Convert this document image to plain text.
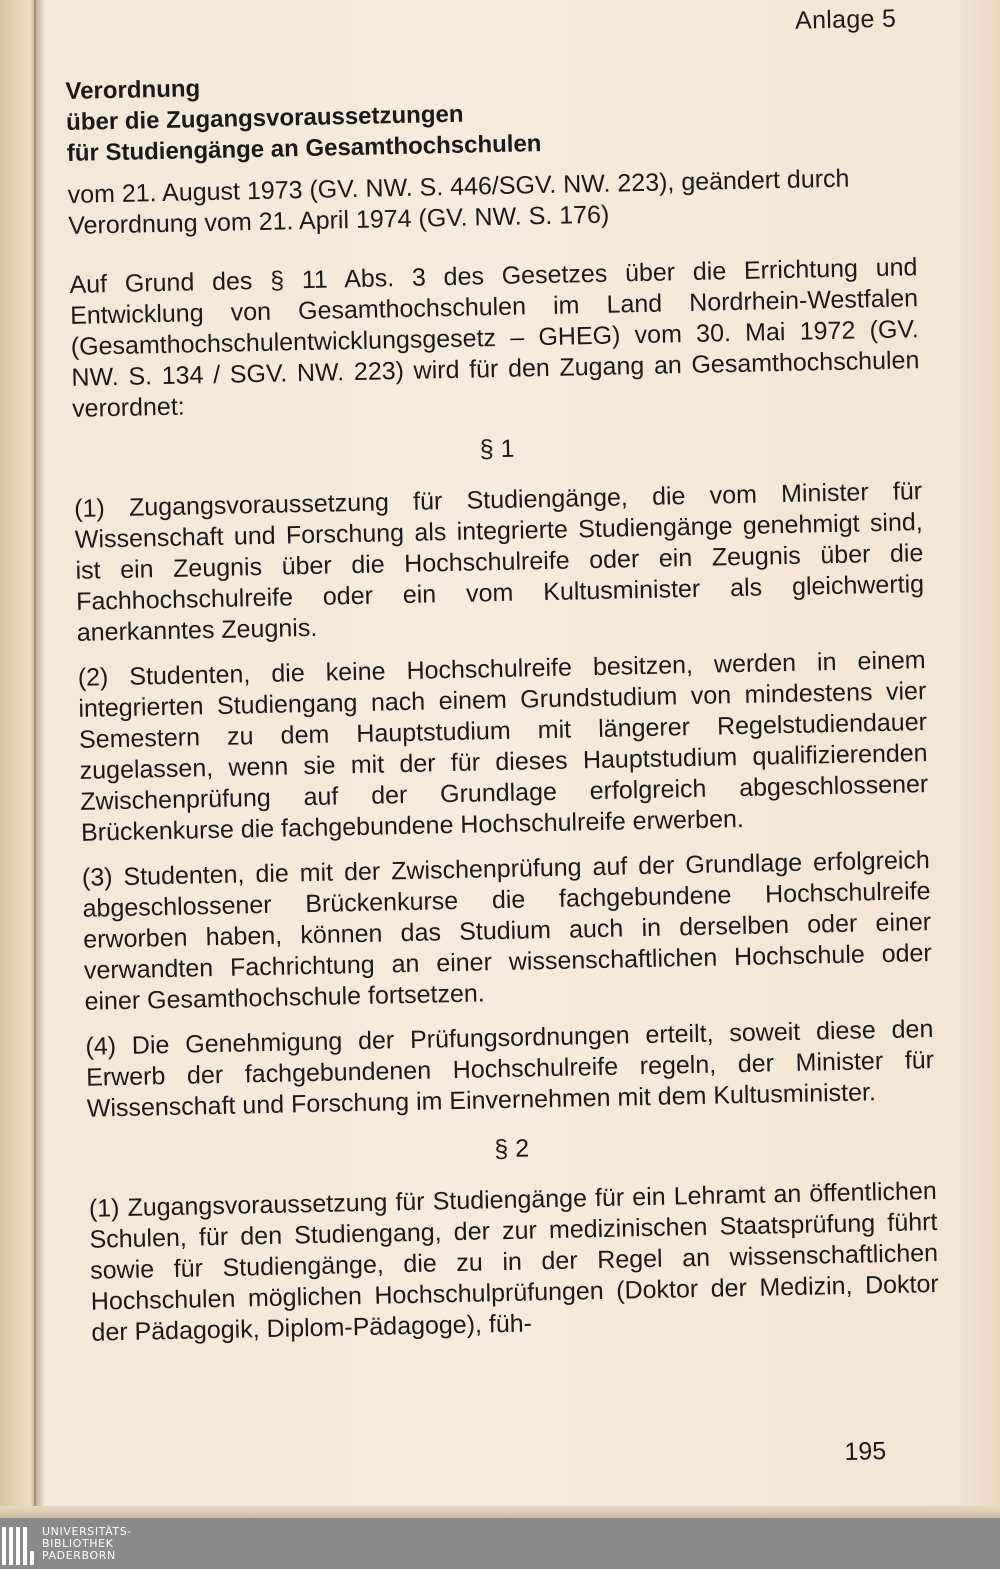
Anlage 5
Verordnung
über die Zugangsvoraussetzungen
für Studiengänge an Gesamthochschulen
vom 21. August 1973 (GV. NW. S. 446/SGV. NW. 223), geändert durch Verordnung vom 21. April 1974 (GV. NW. S. 176)

Auf Grund des § 11 Abs. 3 des Gesetzes über die Errichtung und Entwicklung von Gesamthochschulen im Land Nordrhein-Westfalen (Gesamthochschulentwicklungsgesetz – GHEG) vom 30. Mai 1972 (GV. NW. S. 134 / SGV. NW. 223) wird für den Zugang an Gesamthochschulen verordnet:

§ 1

(1) Zugangsvoraussetzung für Studiengänge, die vom Minister für Wissenschaft und Forschung als integrierte Studiengänge genehmigt sind, ist ein Zeugnis über die Hochschulreife oder ein Zeugnis über die Fachhochschulreife oder ein vom Kultusminister als gleichwertig anerkanntes Zeugnis.

(2) Studenten, die keine Hochschulreife besitzen, werden in einem integrierten Studiengang nach einem Grundstudium von mindestens vier Semestern zu dem Hauptstudium mit längerer Regelstudiendauer zugelassen, wenn sie mit der für dieses Hauptstudium qualifizierenden Zwischenprüfung auf der Grundlage erfolgreich abgeschlossener Brückenkurse die fachgebundene Hochschulreife erwerben.

(3) Studenten, die mit der Zwischenprüfung auf der Grundlage erfolgreich abgeschlossener Brückenkurse die fachgebundene Hochschulreife erworben haben, können das Studium auch in derselben oder einer verwandten Fachrichtung an einer wissenschaftlichen Hochschule oder einer Gesamthochschule fortsetzen.

(4) Die Genehmigung der Prüfungsordnungen erteilt, soweit diese den Erwerb der fachgebundenen Hochschulreife regeln, der Minister für Wissenschaft und Forschung im Einvernehmen mit dem Kultusminister.

§ 2

(1) Zugangsvoraussetzung für Studiengänge für ein Lehramt an öffentlichen Schulen, für den Studiengang, der zur medizinischen Staatsprüfung führt sowie für Studiengänge, die zu in der Regel an wissenschaftlichen Hochschulen möglichen Hochschulprüfungen (Doktor der Medizin, Doktor der Pädagogik, Diplom-Pädagoge), füh-

195
UNIVERSITÄTS-
BIBLIOTHEK
PADERBORN
